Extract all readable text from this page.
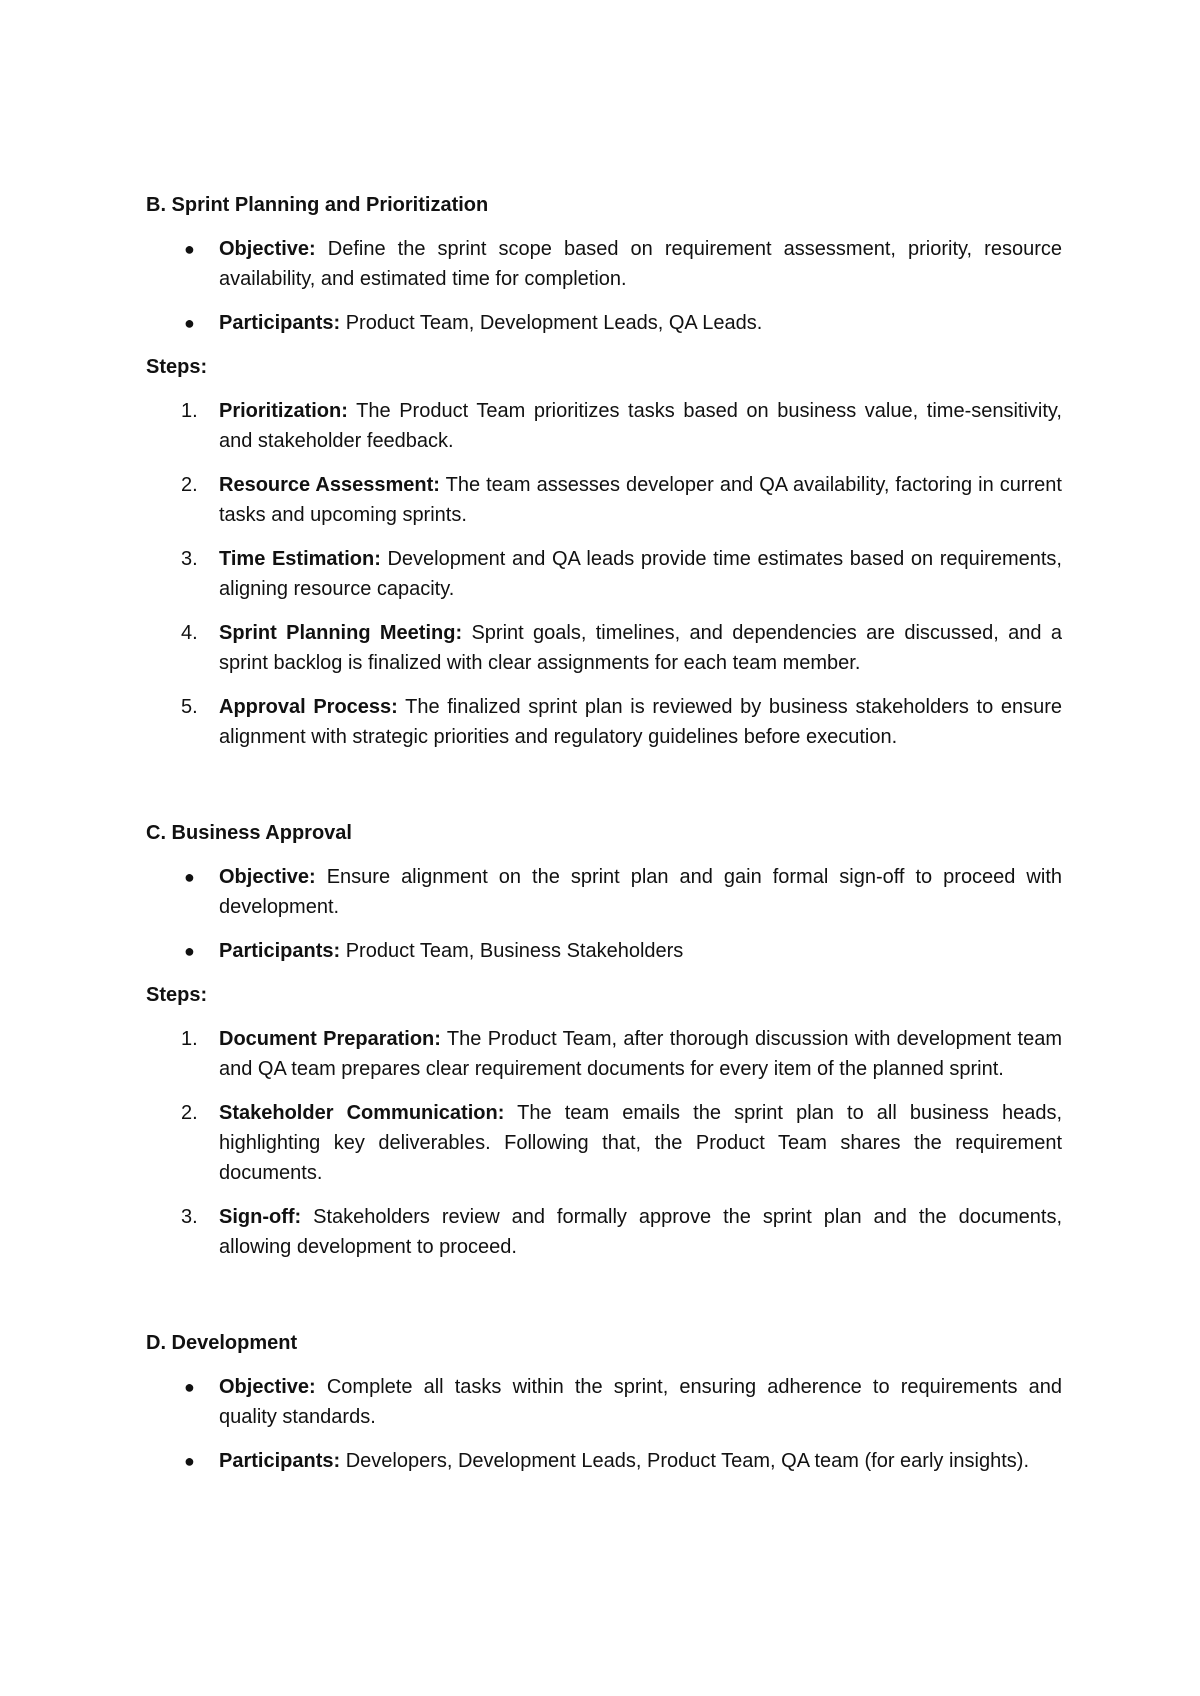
B. Sprint Planning and Prioritization

● Objective: Define the sprint scope based on requirement assessment, priority, resource availability, and estimated time for completion.
● Participants: Product Team, Development Leads, QA Leads.

Steps:

1. Prioritization: The Product Team prioritizes tasks based on business value, time-sensitivity, and stakeholder feedback.
2. Resource Assessment: The team assesses developer and QA availability, factoring in current tasks and upcoming sprints.
3. Time Estimation: Development and QA leads provide time estimates based on requirements, aligning resource capacity.
4. Sprint Planning Meeting: Sprint goals, timelines, and dependencies are discussed, and a sprint backlog is finalized with clear assignments for each team member.
5. Approval Process: The finalized sprint plan is reviewed by business stakeholders to ensure alignment with strategic priorities and regulatory guidelines before execution.

C. Business Approval

● Objective: Ensure alignment on the sprint plan and gain formal sign-off to proceed with development.
● Participants: Product Team, Business Stakeholders

Steps:

1. Document Preparation: The Product Team, after thorough discussion with development team and QA team prepares clear requirement documents for every item of the planned sprint.
2. Stakeholder Communication: The team emails the sprint plan to all business heads, highlighting key deliverables. Following that, the Product Team shares the requirement documents.
3. Sign-off: Stakeholders review and formally approve the sprint plan and the documents, allowing development to proceed.

D. Development

● Objective: Complete all tasks within the sprint, ensuring adherence to requirements and quality standards.
● Participants: Developers, Development Leads, Product Team, QA team (for early insights).
